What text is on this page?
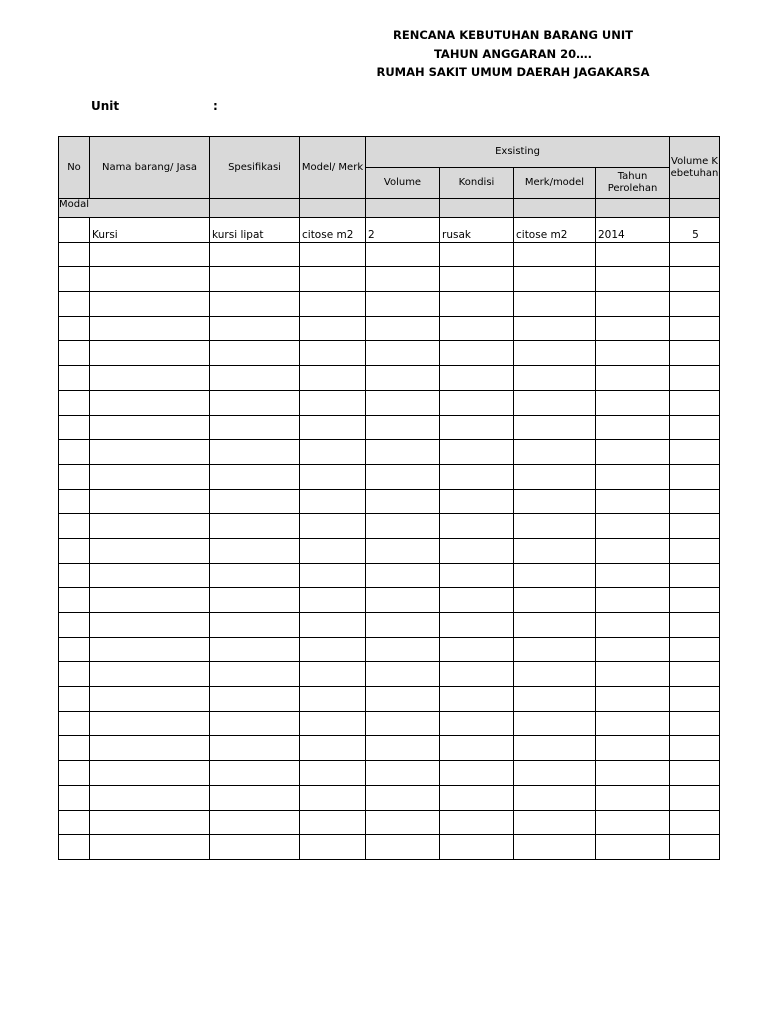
RENCANA KEBUTUHAN BARANG UNIT
TAHUN ANGGARAN 20….
RUMAH SAKIT UMUM DAERAH JAGAKARSA
Unit	:
No	Nama barang/ Jasa	Spesifikasi	Model/ Merk	Exsisting				Volume Kebetuhan
				Volume	Kondisi	Merk/model	Tahun Perolehan	
Modal								
	Kursi	kursi lipat	citose m2	2	rusak	citose m2	2014	5
